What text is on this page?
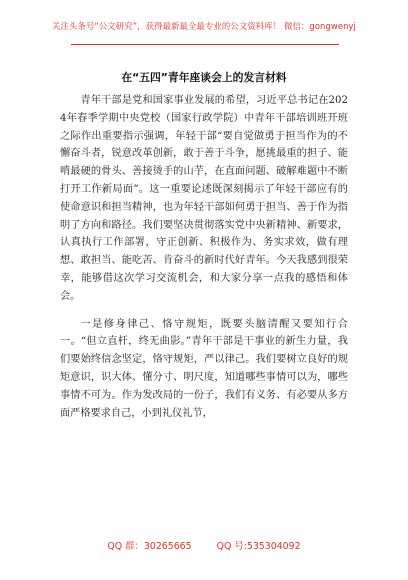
关注头条号“公文研究”，获得最新最全最专业的公文资料库！ 微信：gongwenyj
在“五四”青年座谈会上的发言材料

青年干部是党和国家事业发展的希望，习近平总书记在2024年春季学期中央党校（国家行政学院）中青年干部培训班开班之际作出重要指示强调，年轻干部“要自觉做勇于担当作为的不懈奋斗者，锐意改革创新，敢于善于斗争，愿挑最重的担子、能啃最硬的骨头、善接烫手的山芋，在直面问题、破解难题中不断打开工作新局面”。这一重要论述既深刻揭示了年轻干部应有的使命意识和担当精神，也为年轻干部如何勇于担当、善于作为指明了方向和路径。我们要坚决贯彻落实党中央新精神、新要求，认真执行工作部署，守正创新、积极作为、务实求效，做有理想、敢担当、能吃苦、肯奋斗的新时代好青年。今天我感到很荣幸，能够借这次学习交流机会，和大家分享一点我的感悟和体会。

一是修身律己、恪守规矩，既要头脑清醒又要知行合一。“但立直杆，终无曲影。”青年干部是干事业的新生力量，我们要始终信念坚定，恪守规矩，严以律己。我们要树立良好的规矩意识，识大体、懂分寸、明尺度，知道哪些事情可以为，哪些事情不可为。作为发改局的一份子，我们有义务、有必要从多方面严格要求自己，小到礼仪礼节，

QQ 群：30265665	QQ 号:535304092
